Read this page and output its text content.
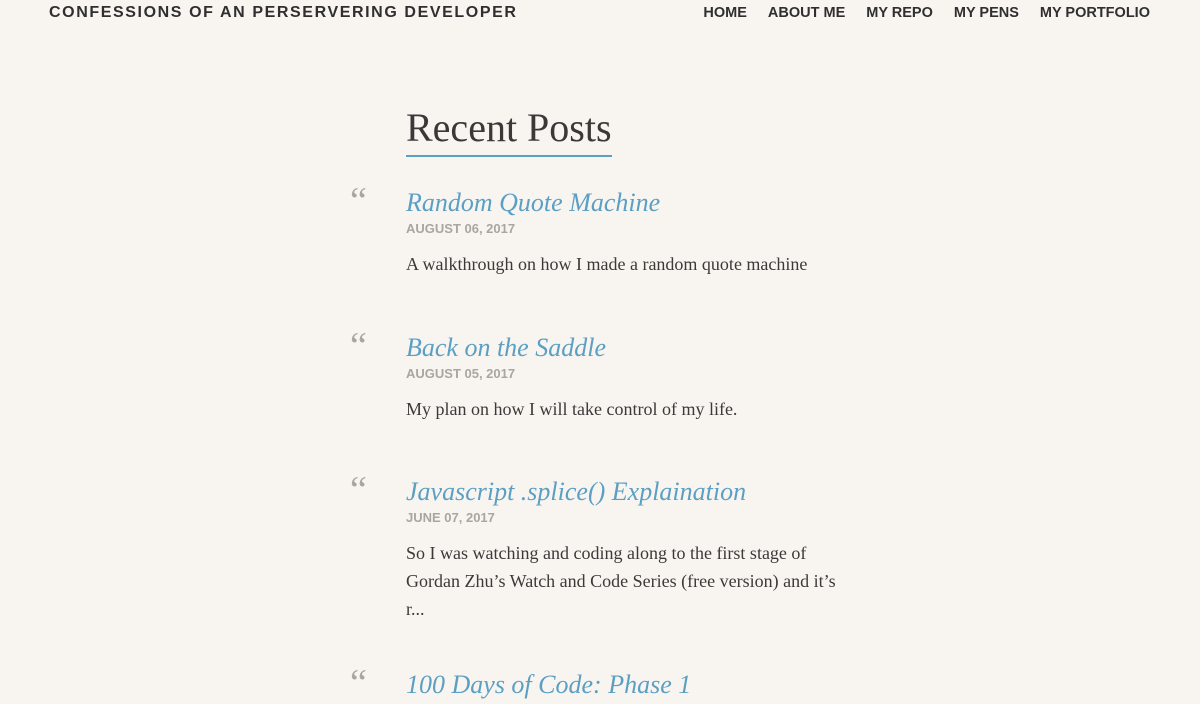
CONFESSIONS OF AN PERSERVERING DEVELOPER	HOME ABOUT ME MY REPO MY PENS MY PORTFOLIO
Recent Posts
“ Random Quote Machine
AUGUST 06, 2017
A walkthrough on how I made a random quote machine
“ Back on the Saddle
AUGUST 05, 2017
My plan on how I will take control of my life.
“ Javascript .splice() Explaination
JUNE 07, 2017
So I was watching and coding along to the first stage of Gordan Zhu’s Watch and Code Series (free version) and it’s r...
“ 100 Days of Code: Phase 1
